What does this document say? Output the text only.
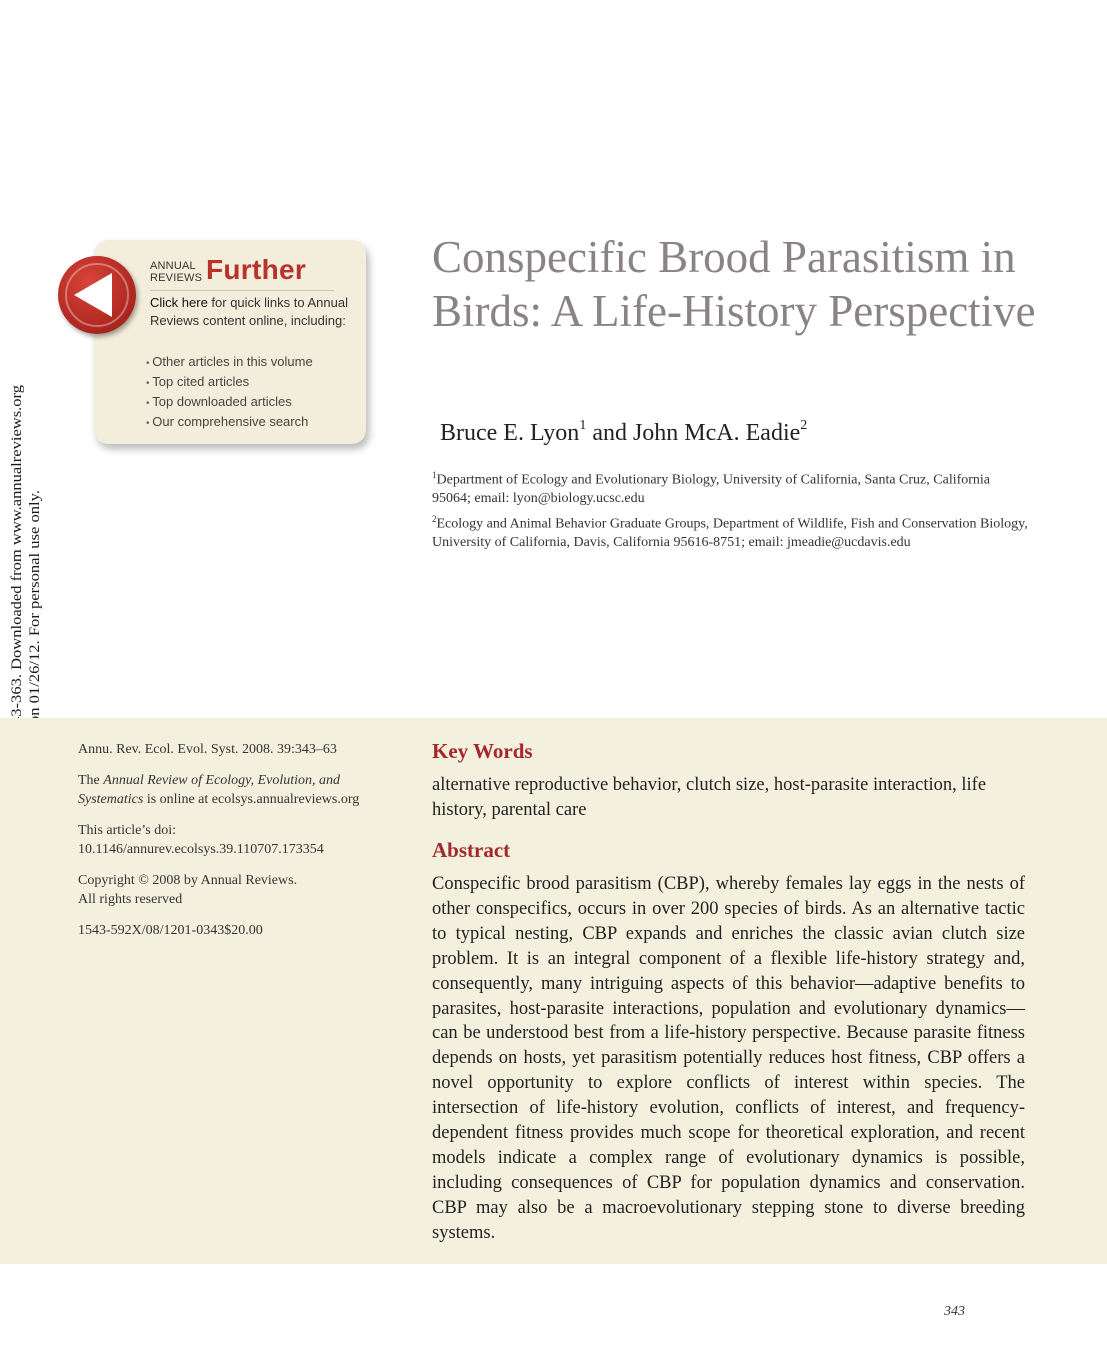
by Hamline University on 01/26/12. For personal use only.
ANNUAL
REVIEWS Further
Click here for quick links to Annual Reviews content online, including:
• Other articles in this volume
• Top cited articles
• Top downloaded articles
• Our comprehensive search
Conspecific Brood Parasitism in Birds: A Life-History Perspective
Bruce E. Lyon$^1$ and John McA. Eadie$^2$
$^1$Department of Ecology and Evolutionary Biology, University of California, Santa Cruz, California 95064; email: lyon@biology.ucsc.edu
$^2$Ecology and Animal Behavior Graduate Groups, Department of Wildlife, Fish and Conservation Biology, University of California, Davis, California 95616-8751; email: jmeadie@ucdavis.edu
Annu. Rev. Ecol. Evol. Syst. 2008. 39:343–63
The Annual Review of Ecology, Evolution, and Systematics is online at ecolsys.annualreviews.org
This article’s doi:
10.1146/annurev.ecolsys.39.110707.173354
Copyright © 2008 by Annual Reviews.
All rights reserved
1543-592X/08/1201-0343$20.00
Key Words
alternative reproductive behavior, clutch size, host-parasite interaction, life history, parental care
Abstract
Conspecific brood parasitism (CBP), whereby females lay eggs in the nests of other conspecifics, occurs in over 200 species of birds. As an alternative tactic to typical nesting, CBP expands and enriches the classic avian clutch size problem. It is an integral component of a flexible life-history strategy and, consequently, many intriguing aspects of this behavior—adaptive benefits to parasites, host-parasite interactions, population and evolutionary dynamics—can be understood best from a life-history perspective. Because parasite fitness depends on hosts, yet parasitism potentially reduces host fitness, CBP offers a novel opportunity to explore conflicts of interest within species. The intersection of life-history evolution, conflicts of interest, and frequency-dependent fitness provides much scope for theoretical exploration, and recent models indicate a complex range of evolutionary dynamics is possible, including consequences of CBP for population dynamics and conservation. CBP may also be a macroevolutionary stepping stone to diverse breeding systems.
343
